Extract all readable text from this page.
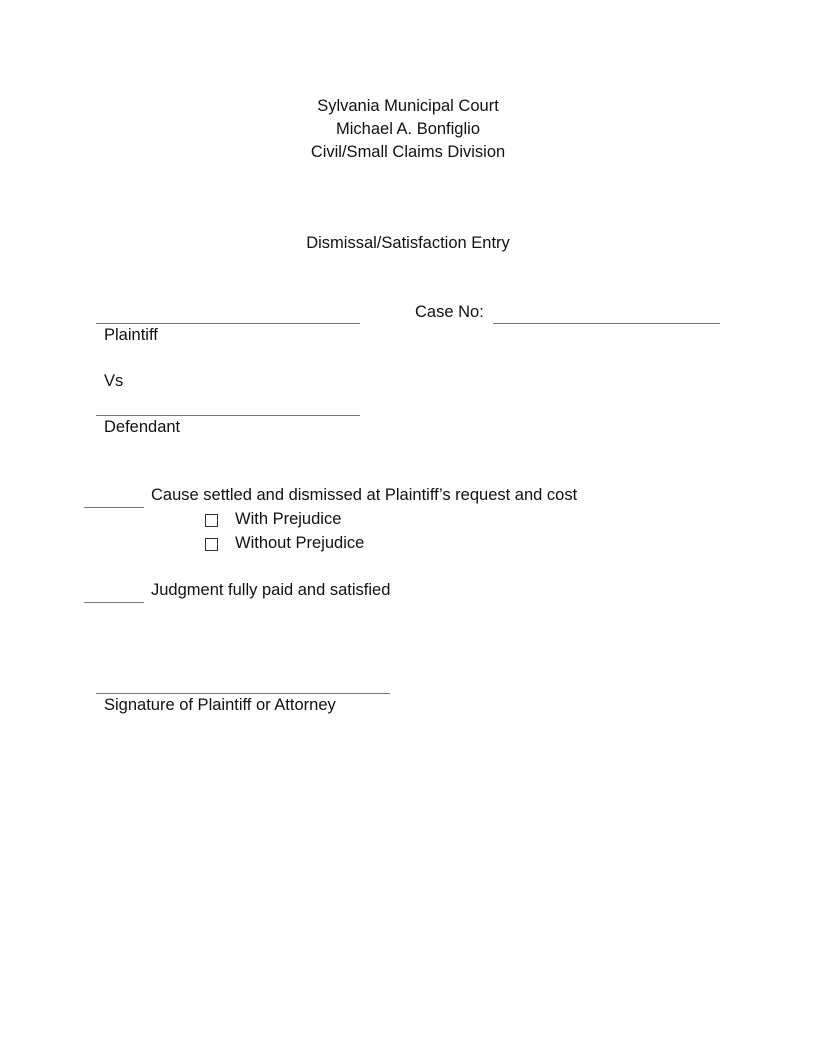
Sylvania Municipal Court
Michael A. Bonfiglio
Civil/Small Claims Division
Dismissal/Satisfaction Entry
Plaintiff
Case No:
Vs
Defendant
Cause settled and dismissed at Plaintiff’s request and cost
With Prejudice
Without Prejudice
Judgment fully paid and satisfied
Signature of Plaintiff or Attorney
